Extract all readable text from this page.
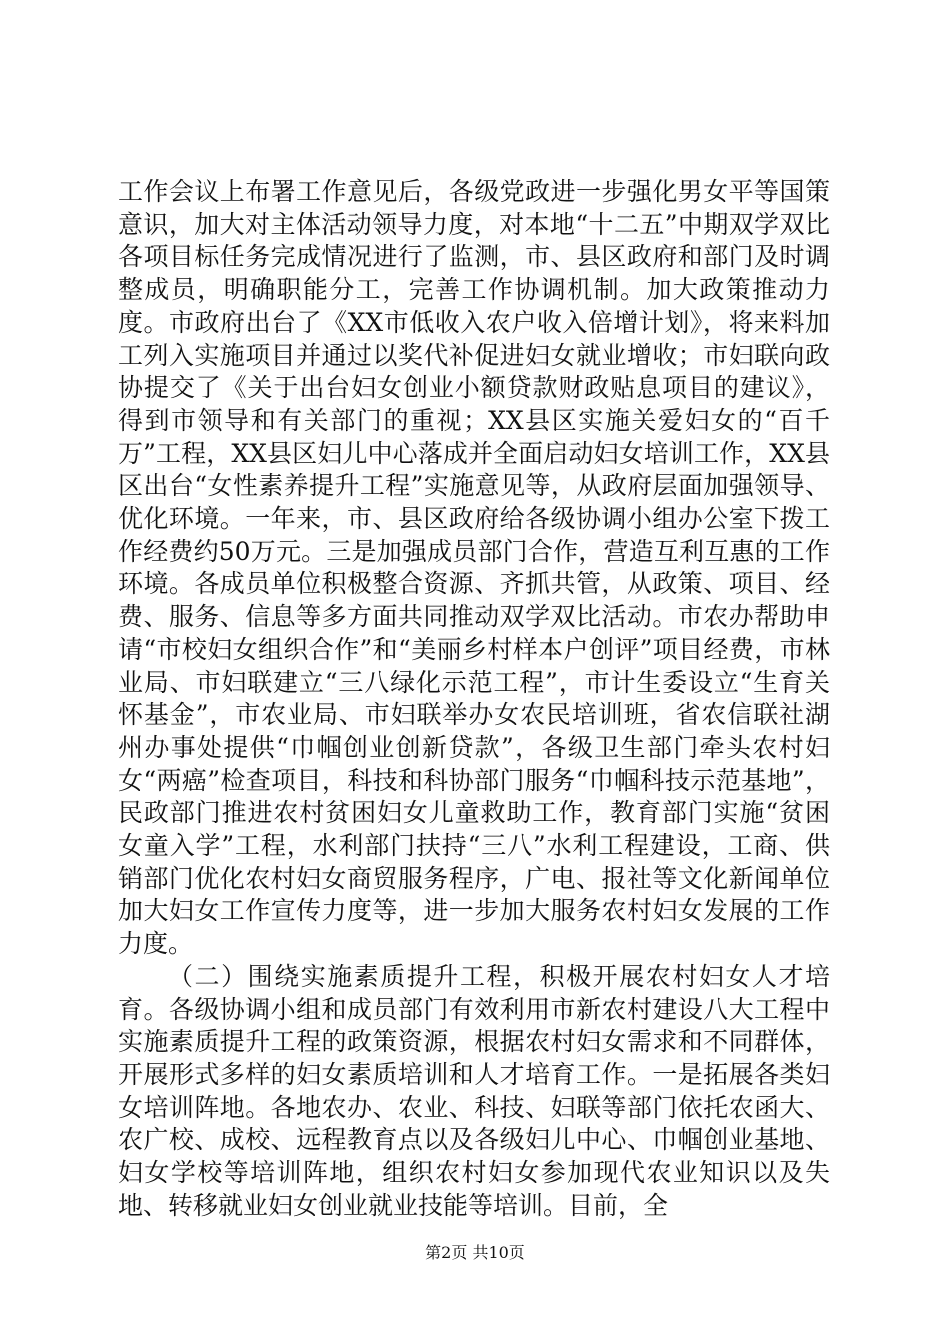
工作会议上布署工作意见后，各级党政进一步强化男女平等国策意识，加大对主体活动领导力度，对本地“十二五”中期双学双比各项目标任务完成情况进行了监测，市、县区政府和部门及时调整成员，明确职能分工，完善工作协调机制。加大政策推动力度。市政府出台了《XX市低收入农户收入倍增计划》，将来料加工列入实施项目并通过以奖代补促进妇女就业增收；市妇联向政协提交了《关于出台妇女创业小额贷款财政贴息项目的建议》，得到市领导和有关部门的重视；XX县区实施关爱妇女的“百千万”工程，XX县区妇儿中心落成并全面启动妇女培训工作，XX县区出台“女性素养提升工程”实施意见等，从政府层面加强领导、优化环境。一年来，市、县区政府给各级协调小组办公室下拨工作经费约50万元。三是加强成员部门合作，营造互利互惠的工作环境。各成员单位积极整合资源、齐抓共管，从政策、项目、经费、服务、信息等多方面共同推动双学双比活动。市农办帮助申请“市校妇女组织合作”和“美丽乡村样本户创评”项目经费，市林业局、市妇联建立“三八绿化示范工程”，市计生委设立“生育关怀基金”，市农业局、市妇联举办女农民培训班，省农信联社湖州办事处提供“巾帼创业创新贷款”，各级卫生部门牵头农村妇女“两癌”检查项目，科技和科协部门服务“巾帼科技示范基地”，民政部门推进农村贫困妇女儿童救助工作，教育部门实施“贫困女童入学”工程，水利部门扶持“三八”水利工程建设，工商、供销部门优化农村妇女商贸服务程序，广电、报社等文化新闻单位加大妇女工作宣传力度等，进一步加大服务农村妇女发展的工作力度。

（二）围绕实施素质提升工程，积极开展农村妇女人才培育。各级协调小组和成员部门有效利用市新农村建设八大工程中实施素质提升工程的政策资源，根据农村妇女需求和不同群体，开展形式多样的妇女素质培训和人才培育工作。一是拓展各类妇女培训阵地。各地农办、农业、科技、妇联等部门依托农函大、农广校、成校、远程教育点以及各级妇儿中心、巾帼创业基地、妇女学校等培训阵地，组织农村妇女参加现代农业知识以及失地、转移就业妇女创业就业技能等培训。目前，全

第2页 共10页
